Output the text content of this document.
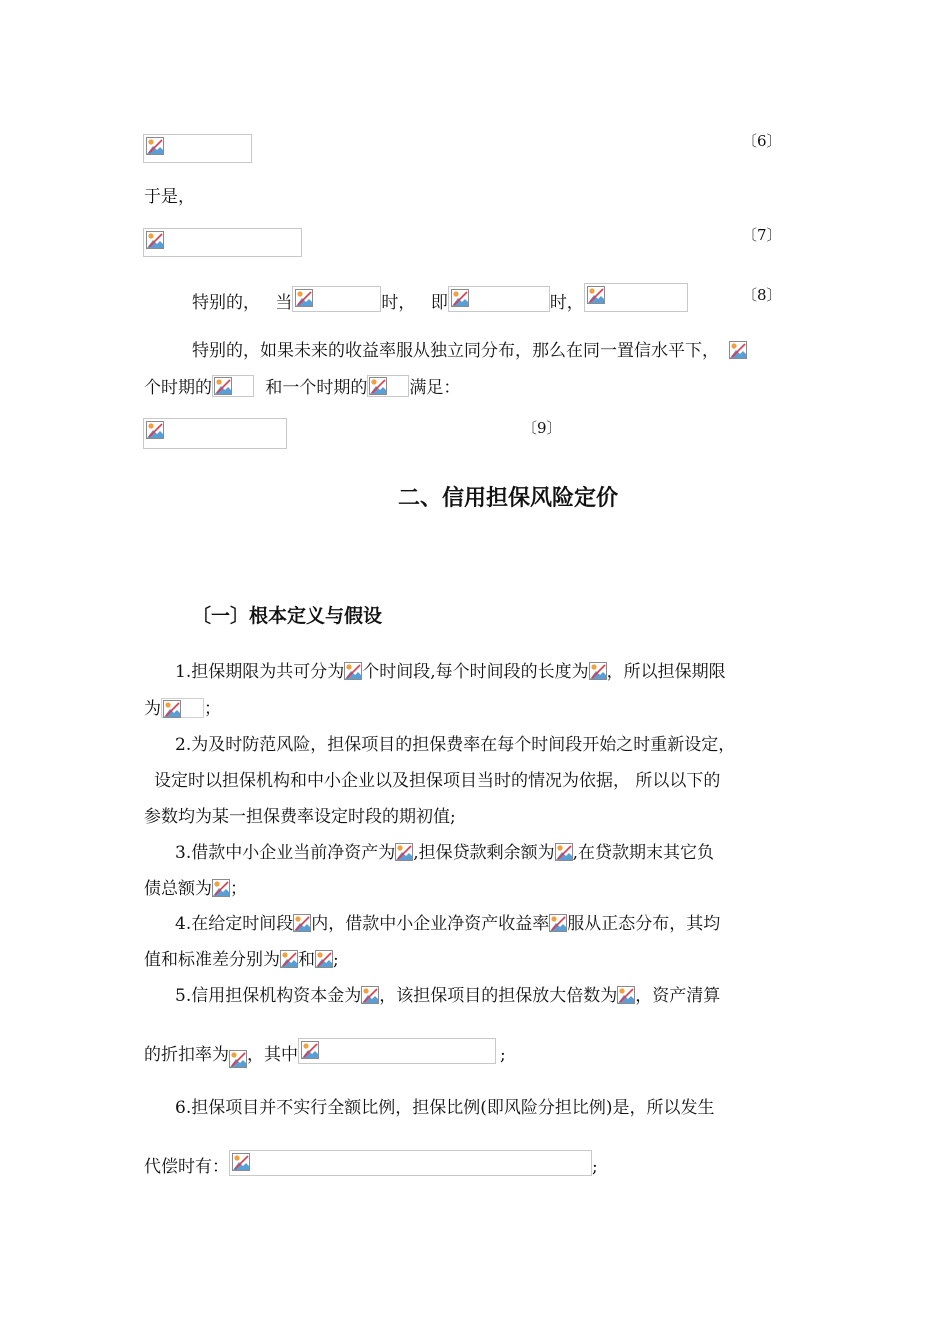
〔6〕
于是，
〔7〕
特别的， 当	时， 即	时，	〔8〕
特别的，如果未来的收益率服从独立同分布，那么在同一置信水平下，
个时期的	和一个时期的 满足：
〔9〕
二、信用担保风险定价
〔一〕根本定义与假设
1.担保期限为共可分为 个时间段,每个时间段的长度为 ，所以担保期限
为	；
2.为及时防范风险，担保项目的担保费率在每个时间段开始之时重新设定，
设定时以担保机构和中小企业以及担保项目当时的情况为依据， 所以以下的
参数均为某一担保费率设定时段的期初值;
3.借款中小企业当前净资产为 ,担保贷款剩余额为 ,在贷款期末其它负
债总额为 ；
4.在给定时间段 内，借款中小企业净资产收益率 服从正态分布，其均
值和标准差分别为 和 ;
5.信用担保机构资本金为 ，该担保项目的担保放大倍数为 ，资产清算
的折扣率为 ，其中	;
6.担保项目并不实行全额比例，担保比例(即风险分担比例)是，所以发生
代偿时有：	;
